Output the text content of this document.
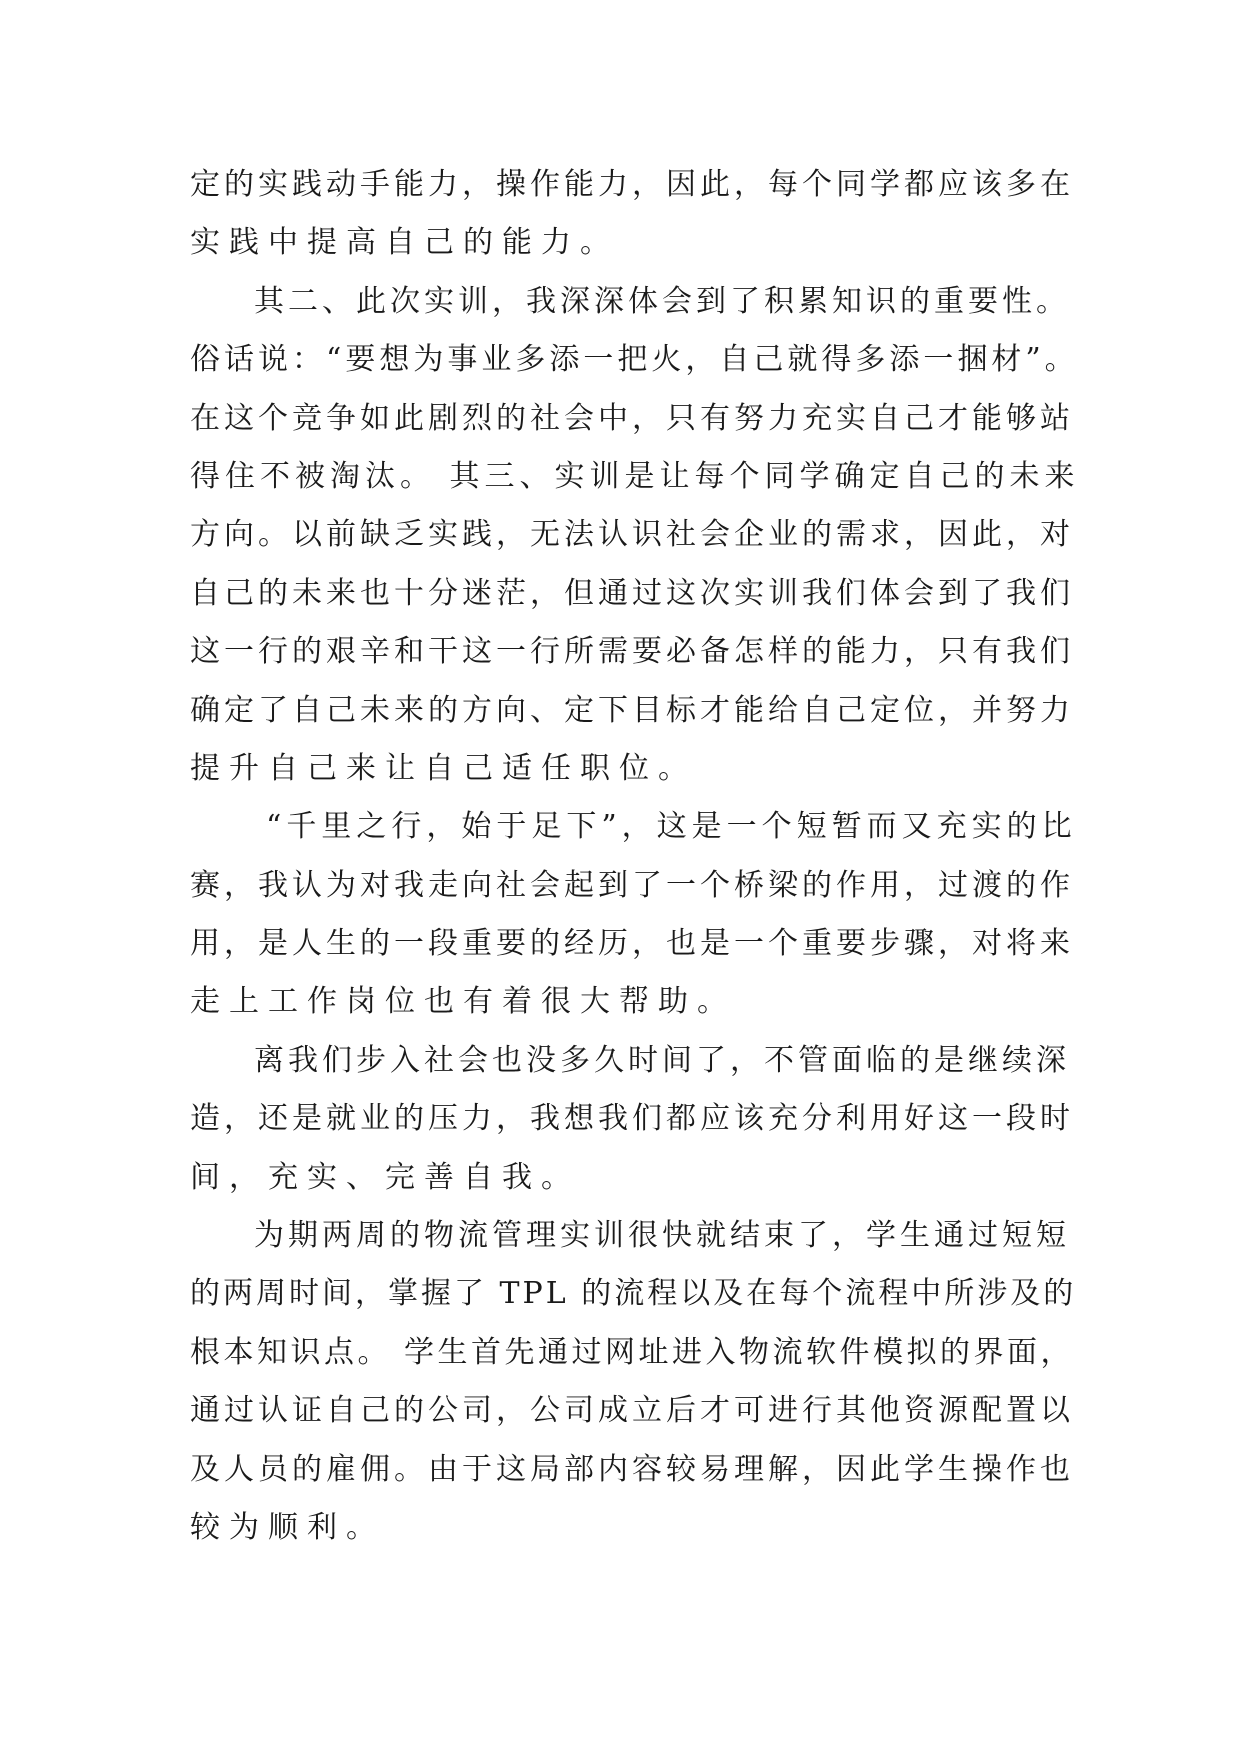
定的实践动手能力，操作能力，因此，每个同学都应该多在
实践中提高自己的能力。
其二、此次实训，我深深体会到了积累知识的重要性。
俗话说：“要想为事业多添一把火，自己就得多添一捆材”。
在这个竞争如此剧烈的社会中，只有努力充实自己才能够站
得住不被淘汰。 其三、实训是让每个同学确定自己的未来
方向。以前缺乏实践，无法认识社会企业的需求，因此，对
自己的未来也十分迷茫，但通过这次实训我们体会到了我们
这一行的艰辛和干这一行所需要必备怎样的能力，只有我们
确定了自己未来的方向、定下目标才能给自己定位，并努力
提升自己来让自己适任职位。
“千里之行，始于足下”，这是一个短暂而又充实的比
赛，我认为对我走向社会起到了一个桥梁的作用，过渡的作
用，是人生的一段重要的经历，也是一个重要步骤，对将来
走上工作岗位也有着很大帮助。
离我们步入社会也没多久时间了，不管面临的是继续深
造，还是就业的压力，我想我们都应该充分利用好这一段时
间，充实、完善自我。
为期两周的物流管理实训很快就结束了，学生通过短短
的两周时间，掌握了 TPL 的流程以及在每个流程中所涉及的
根本知识点。 学生首先通过网址进入物流软件模拟的界面，
通过认证自己的公司，公司成立后才可进行其他资源配置以
及人员的雇佣。由于这局部内容较易理解，因此学生操作也
较为顺利。
